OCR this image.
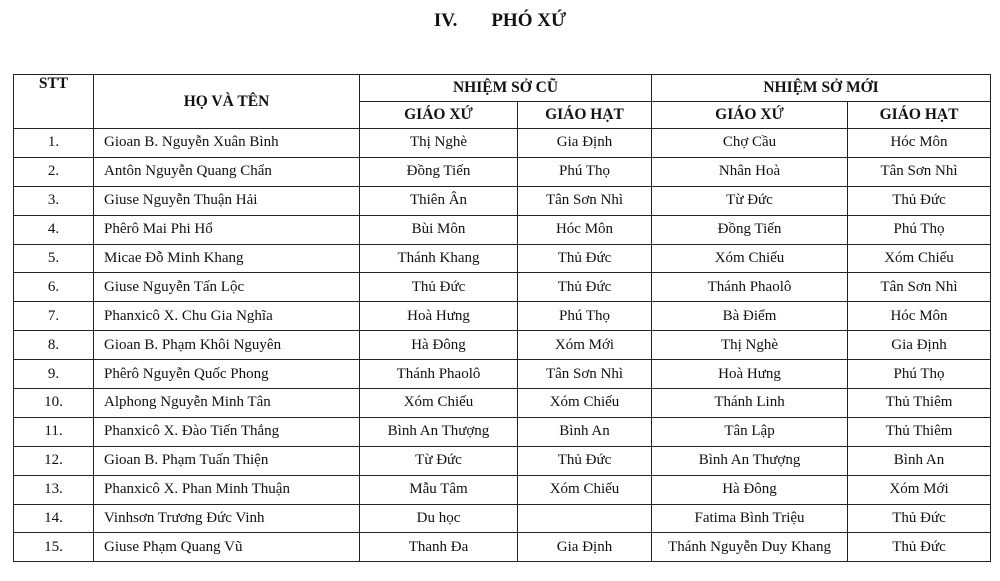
IV. PHÓ XỨ
STT	HỌ VÀ TÊN	NHIỆM SỞ CŨ		NHIỆM SỞ MỚI	
		GIÁO XỨ	GIÁO HẠT	GIÁO XỨ	GIÁO HẠT
1.	Gioan B. Nguyễn Xuân Bình	Thị Nghè	Gia Định	Chợ Cầu	Hóc Môn
2.	Antôn Nguyễn Quang Chẩn	Đồng Tiến	Phú Thọ	Nhân Hoà	Tân Sơn Nhì
3.	Giuse Nguyễn Thuận Hải	Thiên Ân	Tân Sơn Nhì	Từ Đức	Thủ Đức
4.	Phêrô Mai Phi Hổ	Bùi Môn	Hóc Môn	Đồng Tiến	Phú Thọ
5.	Micae Đỗ Minh Khang	Thánh Khang	Thủ Đức	Xóm Chiếu	Xóm Chiếu
6.	Giuse Nguyễn Tấn Lộc	Thủ Đức	Thủ Đức	Thánh Phaolô	Tân Sơn Nhì
7.	Phanxicô X. Chu Gia Nghĩa	Hoà Hưng	Phú Thọ	Bà Điểm	Hóc Môn
8.	Gioan B. Phạm Khôi Nguyên	Hà Đông	Xóm Mới	Thị Nghè	Gia Định
9.	Phêrô Nguyễn Quốc Phong	Thánh Phaolô	Tân Sơn Nhì	Hoà Hưng	Phú Thọ
10.	Alphong Nguyễn Minh Tân	Xóm Chiếu	Xóm Chiếu	Thánh Linh	Thủ Thiêm
11.	Phanxicô X. Đào Tiến Thắng	Bình An Thượng	Bình An	Tân Lập	Thủ Thiêm
12.	Gioan B. Phạm Tuấn Thiện	Từ Đức	Thủ Đức	Bình An Thượng	Bình An
13.	Phanxicô X. Phan Minh Thuận	Mẫu Tâm	Xóm Chiếu	Hà Đông	Xóm Mới
14.	Vinhsơn Trương Đức Vinh	Du học		Fatima Bình Triệu	Thủ Đức
15.	Giuse Phạm Quang Vũ	Thanh Đa	Gia Định	Thánh Nguyễn Duy Khang	Thủ Đức
